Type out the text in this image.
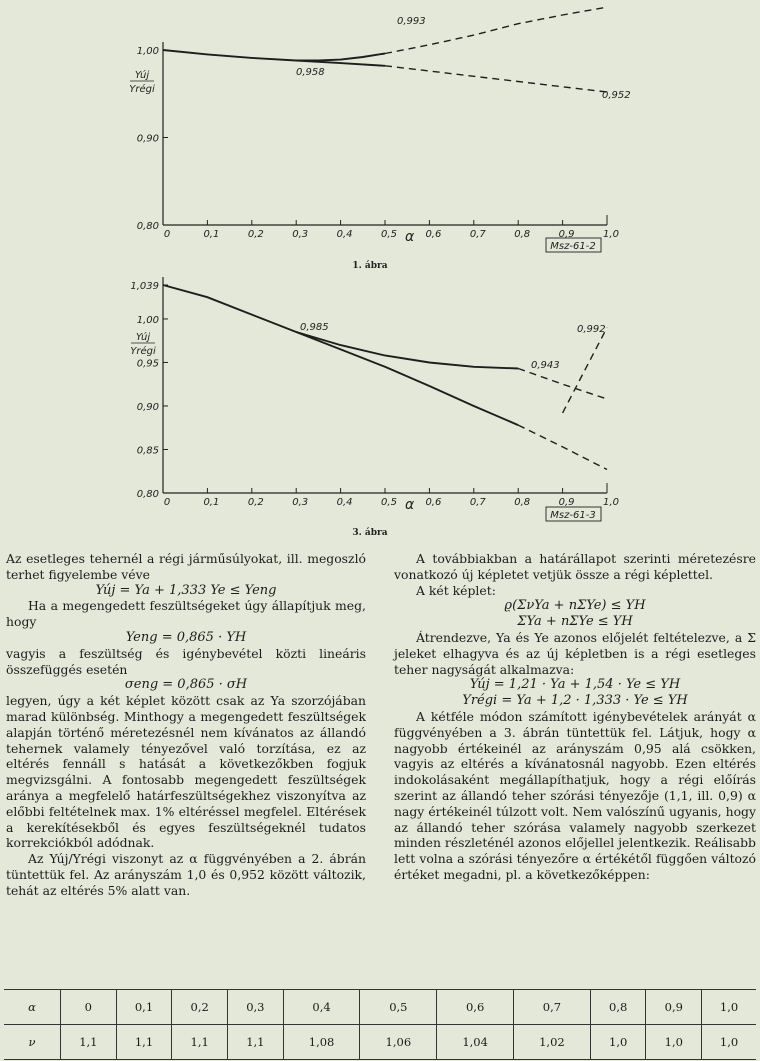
0	0,1	0,2	0,3	0,4	0,5	0,6	0,7	0,8	0,9	1,0
0,80
0,90
1,00
Yúj
Yrégi
α
0,993
0,958
0,952
Msz-61-2
1. ábra
0	0,1	0,2	0,3	0,4	0,5	0,6	0,7	0,8	0,9	1,0
0,80
0,85
0,90
0,95
1,00
1,039
Yúj
Yrégi
α
0,985	0,992
0,943
Msz-61-3
3. ábra

Az esetleges tehernél a régi járműsúlyokat, ill. megoszló terhet figyelembe véve

Yúj = Ya + 1,333 Ye ≤ Yeng

Ha a megengedett feszültségeket úgy állapítjuk meg, hogy

Yeng = 0,865 · YH

vagyis a feszültség és igénybevétel közti lineáris összefüggés esetén

σeng = 0,865 · σH

legyen, úgy a két képlet között csak az Ya szorzójában marad különbség. Minthogy a megengedett feszültségek alapján történő méretezésnél nem kívánatos az állandó tehernek valamely tényezővel való torzítása, ez az eltérés fennáll s hatását a következőkben fogjuk megvizsgálni. A fontosabb megengedett feszültségek aránya a megfelelő határfeszültségekhez viszonyítva az előbbi feltételnek max. 1% eltéréssel megfelel. Eltérések a kerekítésekből és egyes feszültségeknél tudatos korrekciókból adódnak.

Az Yúj/Yrégi viszonyt az α függvényében a 2. ábrán tüntettük fel. Az arányszám 1,0 és 0,952 között változik, tehát az eltérés 5% alatt van.

A továbbiakban a határállapot szerinti méretezésre vonatkozó új képletet vetjük össze a régi képlettel.

A két képlet:

ϱ(ΣνYa + nΣYe) ≤ YH

ΣYa + nΣYe ≤ YH

Átrendezve, Ya és Ye azonos előjelét feltételezve, a Σ jeleket elhagyva és az új képletben is a régi esetleges teher nagyságát alkalmazva:

Yúj = 1,21 · Ya + 1,54 · Ye ≤ YH

Yrégi = Ya + 1,2 · 1,333 · Ye ≤ YH

A kétféle módon számított igénybevételek arányát α függvényében a 3. ábrán tüntettük fel. Látjuk, hogy α nagyobb értékeinél az arányszám 0,95 alá csökken, vagyis az eltérés a kívánatosnál nagyobb. Ezen eltérés indokolásaként megállapíthatjuk, hogy a régi előírás szerint az állandó teher szórási tényezője (1,1, ill. 0,9) α nagy értékeinél túlzott volt. Nem valószínű ugyanis, hogy az állandó teher szórása valamely nagyobb szerkezet minden részleténél azonos előjellel jelentkezik. Reálisabb lett volna a szórási tényezőre α értékétől függően változó értéket megadni, pl. a következőképpen:

α	0	0,1	0,2	0,3	0,4	0,5	0,6	0,7	0,8	0,9	1,0
ν	1,1	1,1	1,1	1,1	1,08	1,06	1,04	1,02	1,0	1,0	1,0
